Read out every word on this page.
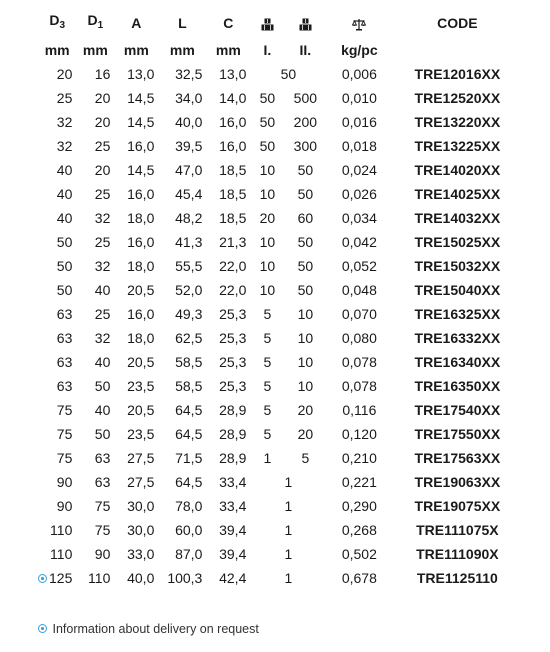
$D_3$	$D_1$	A	L	C				CODE
mm	mm	mm	mm	mm	I.	II.	kg/pc	
20	16	13,0	32,5	13,0	50		0,006	TRE12016XX
25	20	14,5	34,0	14,0	50	500	0,010	TRE12520XX
32	20	14,5	40,0	16,0	50	200	0,016	TRE13220XX
32	25	16,0	39,5	16,0	50	300	0,018	TRE13225XX
40	20	14,5	47,0	18,5	10	50	0,024	TRE14020XX
40	25	16,0	45,4	18,5	10	50	0,026	TRE14025XX
40	32	18,0	48,2	18,5	20	60	0,034	TRE14032XX
50	25	16,0	41,3	21,3	10	50	0,042	TRE15025XX
50	32	18,0	55,5	22,0	10	50	0,052	TRE15032XX
50	40	20,5	52,0	22,0	10	50	0,048	TRE15040XX
63	25	16,0	49,3	25,3	5	10	0,070	TRE16325XX
63	32	18,0	62,5	25,3	5	10	0,080	TRE16332XX
63	40	20,5	58,5	25,3	5	10	0,078	TRE16340XX
63	50	23,5	58,5	25,3	5	10	0,078	TRE16350XX
75	40	20,5	64,5	28,9	5	20	0,116	TRE17540XX
75	50	23,5	64,5	28,9	5	20	0,120	TRE17550XX
75	63	27,5	71,5	28,9	1	5	0,210	TRE17563XX
90	63	27,5	64,5	33,4	1		0,221	TRE19063XX
90	75	30,0	78,0	33,4	1		0,290	TRE19075XX
110	75	30,0	60,0	39,4	1		0,268	TRE111075X
110	90	33,0	87,0	39,4	1		0,502	TRE111090X
125	110	40,0	100,3	42,4	1		0,678	TRE1125110
Information about delivery on request
